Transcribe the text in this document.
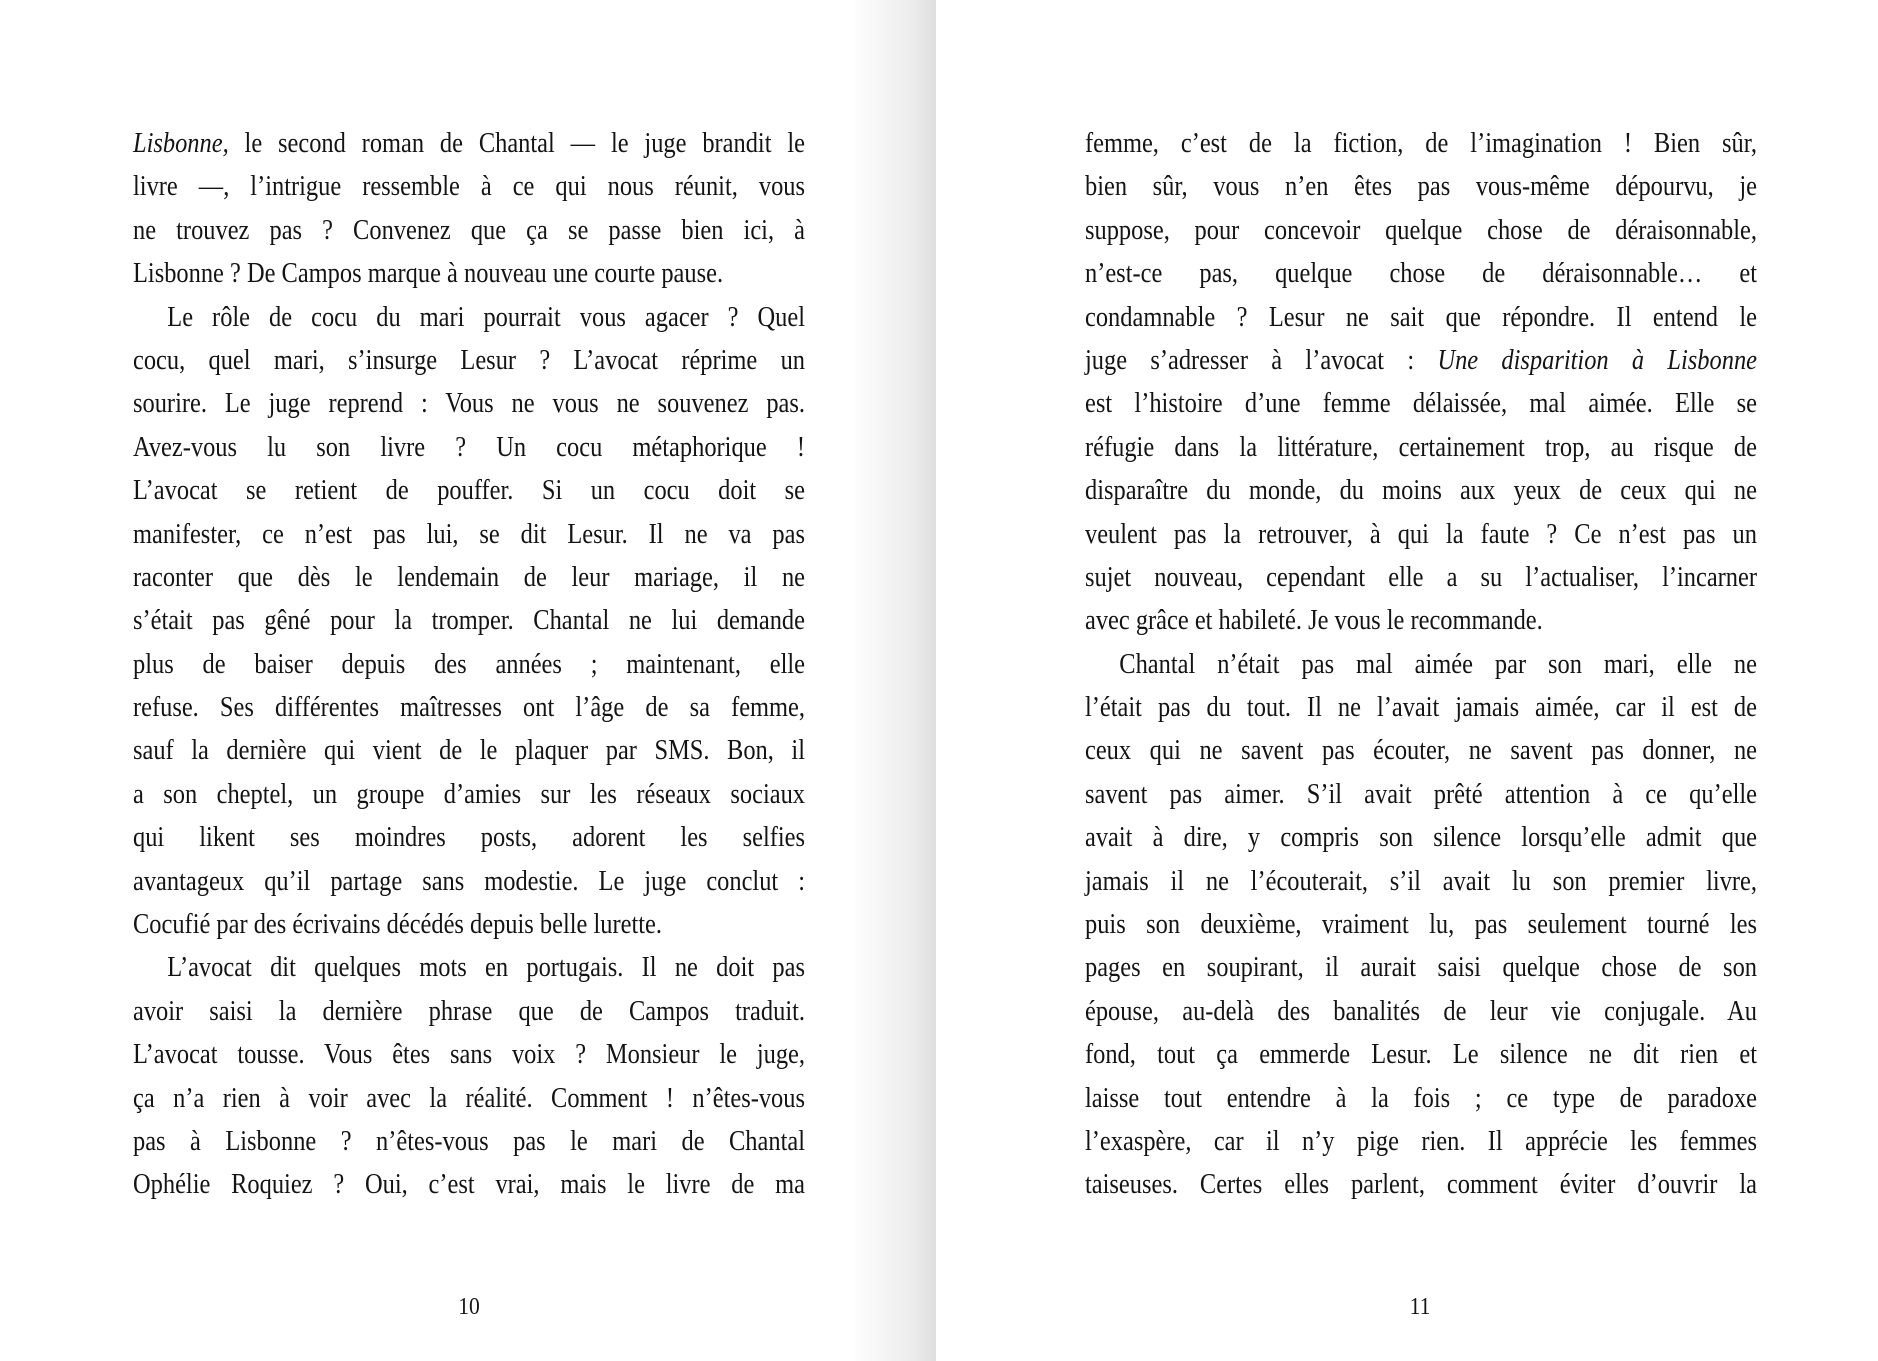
Lisbonne, le second roman de Chantal — le juge brandit le
livre —, l’intrigue ressemble à ce qui nous réunit, vous
ne trouvez pas ? Convenez que ça se passe bien ici, à
Lisbonne ? De Campos marque à nouveau une courte pause.
Le rôle de cocu du mari pourrait vous agacer ? Quel
cocu, quel mari, s’insurge Lesur ? L’avocat réprime un
sourire. Le juge reprend : Vous ne vous ne souvenez pas.
Avez-vous lu son livre ? Un cocu métaphorique !
L’avocat se retient de pouffer. Si un cocu doit se
manifester, ce n’est pas lui, se dit Lesur. Il ne va pas
raconter que dès le lendemain de leur mariage, il ne
s’était pas gêné pour la tromper. Chantal ne lui demande
plus de baiser depuis des années ; maintenant, elle
refuse. Ses différentes maîtresses ont l’âge de sa femme,
sauf la dernière qui vient de le plaquer par SMS. Bon, il
a son cheptel, un groupe d’amies sur les réseaux sociaux
qui likent ses moindres posts, adorent les selfies
avantageux qu’il partage sans modestie. Le juge conclut :
Cocufié par des écrivains décédés depuis belle lurette.
L’avocat dit quelques mots en portugais. Il ne doit pas
avoir saisi la dernière phrase que de Campos traduit.
L’avocat tousse. Vous êtes sans voix ? Monsieur le juge,
ça n’a rien à voir avec la réalité. Comment ! n’êtes-vous
pas à Lisbonne ? n’êtes-vous pas le mari de Chantal
Ophélie Roquiez ? Oui, c’est vrai, mais le livre de ma
10
femme, c’est de la fiction, de l’imagination ! Bien sûr,
bien sûr, vous n’en êtes pas vous-même dépourvu, je
suppose, pour concevoir quelque chose de déraisonnable,
n’est-ce pas, quelque chose de déraisonnable… et
condamnable ? Lesur ne sait que répondre. Il entend le
juge s’adresser à l’avocat : Une disparition à Lisbonne
est l’histoire d’une femme délaissée, mal aimée. Elle se
réfugie dans la littérature, certainement trop, au risque de
disparaître du monde, du moins aux yeux de ceux qui ne
veulent pas la retrouver, à qui la faute ? Ce n’est pas un
sujet nouveau, cependant elle a su l’actualiser, l’incarner
avec grâce et habileté. Je vous le recommande.
Chantal n’était pas mal aimée par son mari, elle ne
l’était pas du tout. Il ne l’avait jamais aimée, car il est de
ceux qui ne savent pas écouter, ne savent pas donner, ne
savent pas aimer. S’il avait prêté attention à ce qu’elle
avait à dire, y compris son silence lorsqu’elle admit que
jamais il ne l’écouterait, s’il avait lu son premier livre,
puis son deuxième, vraiment lu, pas seulement tourné les
pages en soupirant, il aurait saisi quelque chose de son
épouse, au-delà des banalités de leur vie conjugale. Au
fond, tout ça emmerde Lesur. Le silence ne dit rien et
laisse tout entendre à la fois ; ce type de paradoxe
l’exaspère, car il n’y pige rien. Il apprécie les femmes
taiseuses. Certes elles parlent, comment éviter d’ouvrir la
11
